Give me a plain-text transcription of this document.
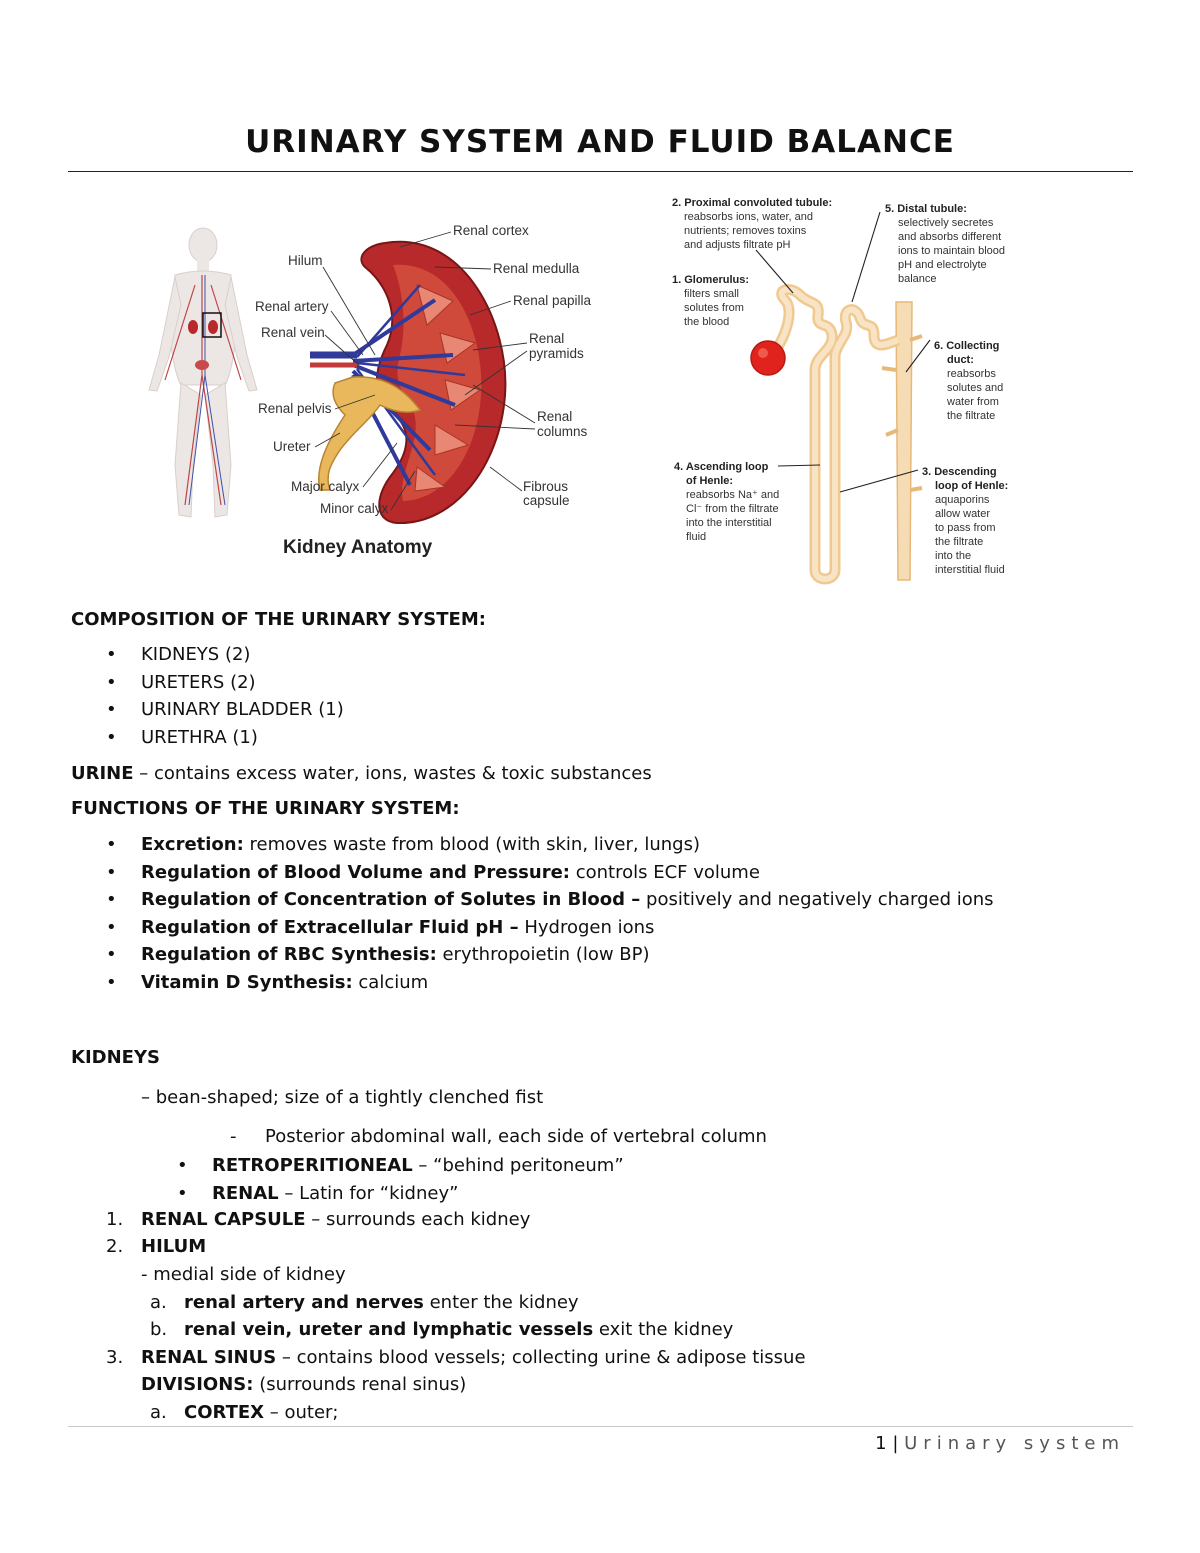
URINARY SYSTEM AND FLUID BALANCE
Hilum
Renal artery
Renal vein
Renal pelvis
Ureter
Major calyx
Minor calyx
Renal cortex
Renal medulla
Renal papilla
Renal
pyramids
Renal
columns
Fibrous
capsule
Kidney Anatomy
2. Proximal convoluted tubule:
reabsorbs ions, water, and
nutrients; removes toxins
and adjusts filtrate pH
1. Glomerulus:
filters small
solutes from
the blood
4. Ascending loop
of Henle:
reabsorbs Na⁺ and
Cl⁻ from the filtrate
into the interstitial
fluid
5. Distal tubule:
selectively secretes
and absorbs different
ions to maintain blood
pH and electrolyte
balance
6. Collecting
duct:
reabsorbs
solutes and
water from
the filtrate
3. Descending
loop of Henle:
aquaporins
allow water
to pass from
the filtrate
into the
interstitial fluid
COMPOSITION OF THE URINARY SYSTEM:
• KIDNEYS (2)
• URETERS (2)
• URINARY BLADDER (1)
• URETHRA (1)
URINE – contains excess water, ions, wastes & toxic substances
FUNCTIONS OF THE URINARY SYSTEM:
• Excretion: removes waste from blood (with skin, liver, lungs)
• Regulation of Blood Volume and Pressure: controls ECF volume
• Regulation of Concentration of Solutes in Blood – positively and negatively charged ions
• Regulation of Extracellular Fluid pH – Hydrogen ions
• Regulation of RBC Synthesis: erythropoietin (low BP)
• Vitamin D Synthesis: calcium
KIDNEYS
– bean-shaped; size of a tightly clenched fist
- Posterior abdominal wall, each side of vertebral column
• RETROPERITIONEAL – “behind peritoneum”
• RENAL – Latin for “kidney”
1. RENAL CAPSULE – surrounds each kidney
2. HILUM
- medial side of kidney
a. renal artery and nerves enter the kidney
b. renal vein, ureter and lymphatic vessels exit the kidney
3. RENAL SINUS – contains blood vessels; collecting urine & adipose tissue
DIVISIONS: (surrounds renal sinus)
a. CORTEX – outer;
1 | Urinary system
